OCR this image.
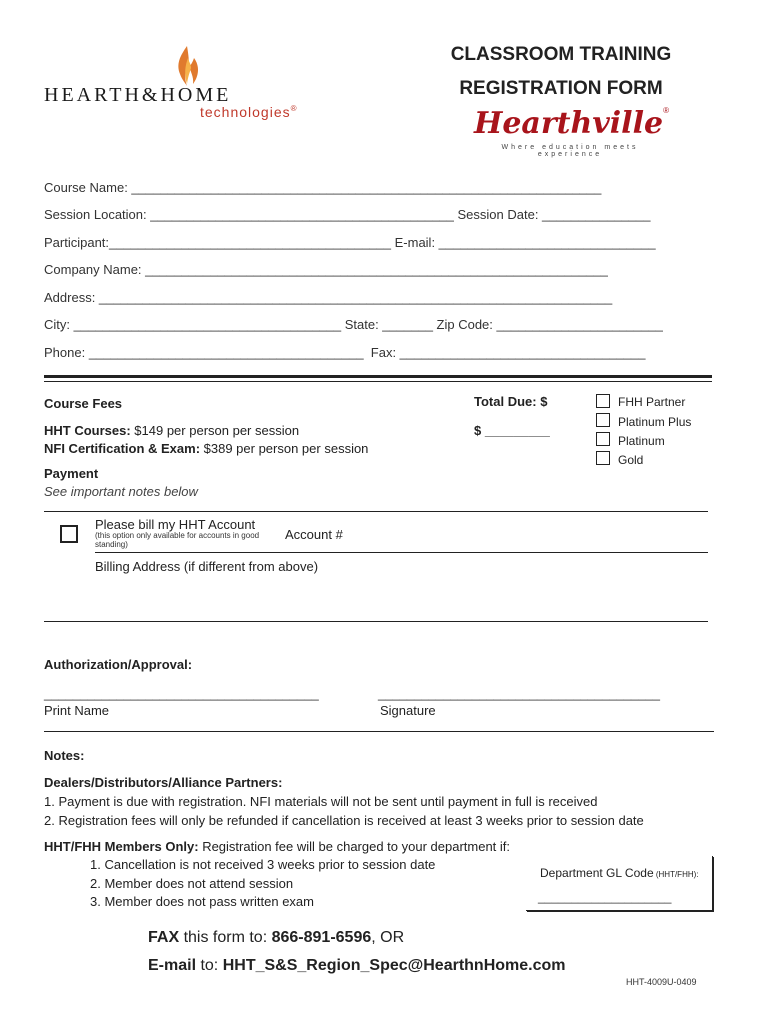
HEARTH&HOME
technologies®
CLASSROOM TRAINING
REGISTRATION FORM
Hearthville®
Where education meets experience
Course Name: _________________________________________________________________
Session Location: __________________________________________ Session Date: _______________
Participant:_______________________________________ E-mail: ______________________________
Company Name: ________________________________________________________________
Address: _______________________________________________________________________
City: _____________________________________ State: _______ Zip Code: _______________________
Phone: ______________________________________  Fax: __________________________________
Course Fees
HHT Courses: $149 per person per session
NFI Certification & Exam: $389 per person per session
Total Due: $
$ _________
FHH Partner
Platinum Plus
Platinum
Gold
Payment
See important notes below
Please bill my HHT Account
(this option only available for accounts in good standing)
Account #
Billing Address (if different from above)
Authorization/Approval:
______________________________________	_______________________________________
Print Name	Signature
Notes:
Dealers/Distributors/Alliance Partners:
1. Payment is due with registration. NFI materials will not be sent until payment in full is received
2. Registration fees will only be refunded if cancellation is received at least 3 weeks prior to session date
HHT/FHH Members Only: Registration fee will be charged to your department if:
1. Cancellation is not received 3 weeks prior to session date
2. Member does not attend session
3. Member does not pass written exam
Department GL Code (HHT/FHH):
____________________
FAX this form to: 866-891-6596, OR
E-mail to: HHT_S&S_Region_Spec@HearthnHome.com
HHT-4009U-0409
